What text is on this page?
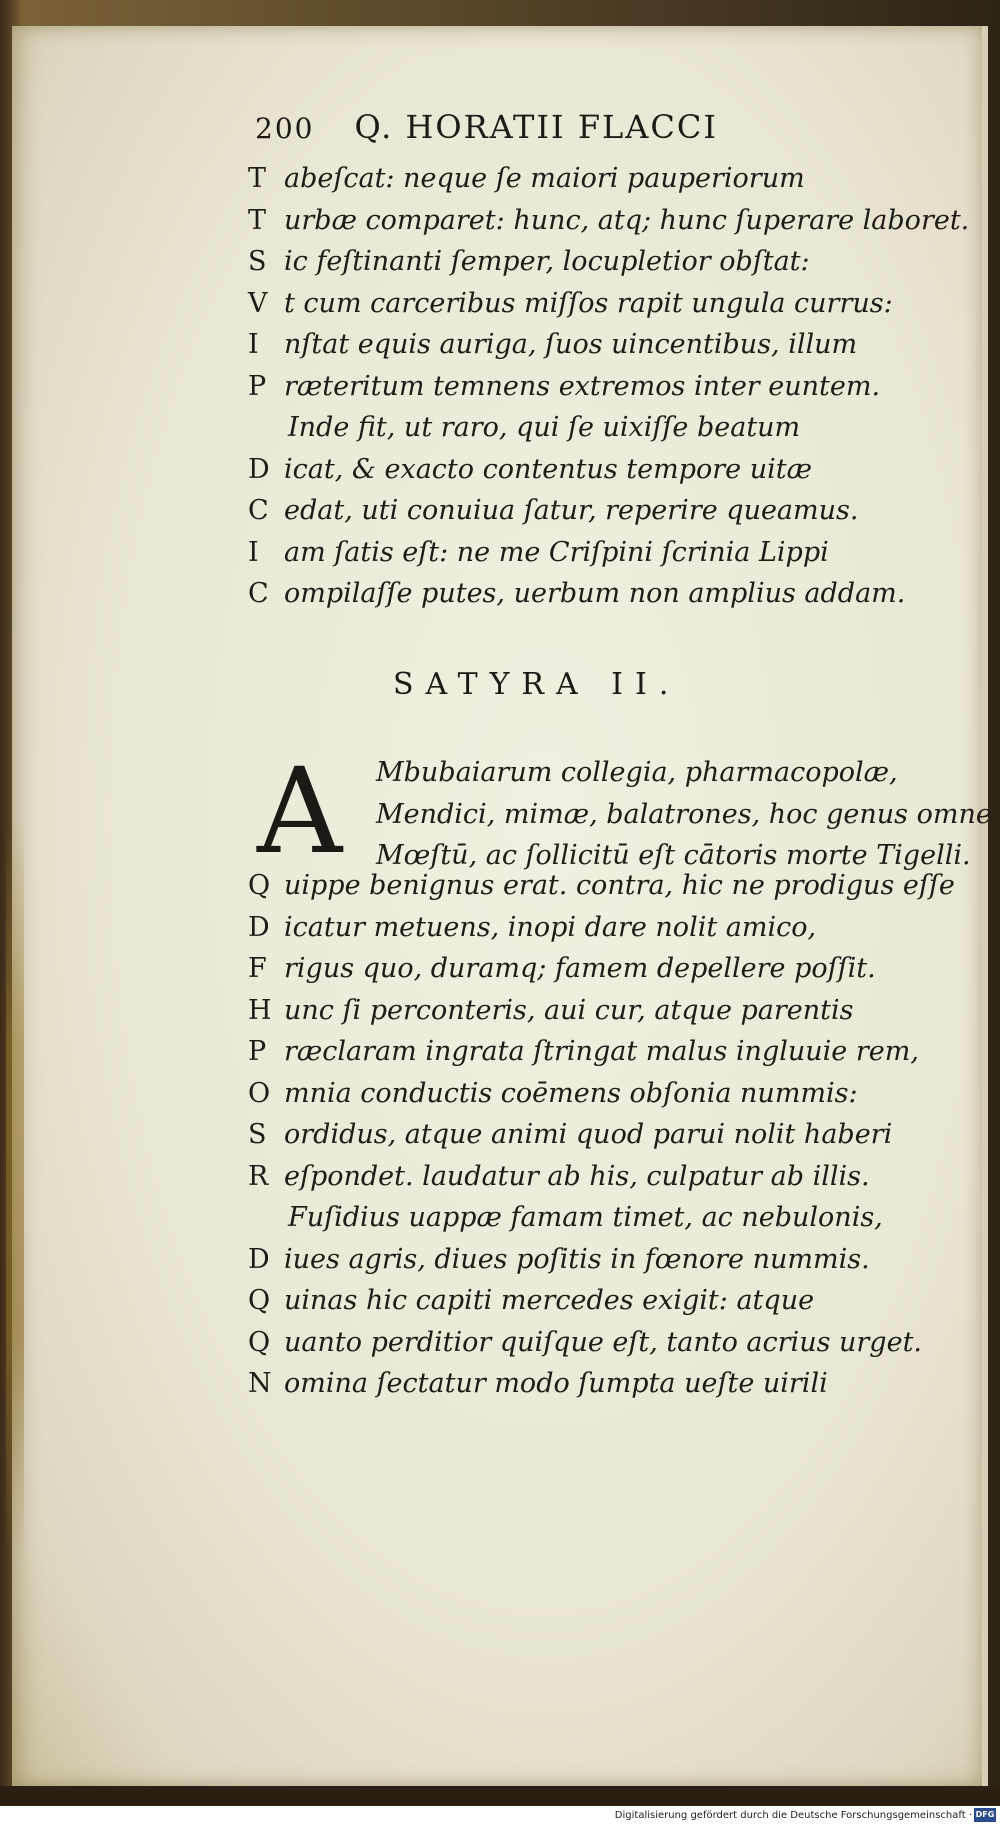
200 Q. HORATII FLACCI
T abeſcat: neque ſe maiori pauperiorum
T urbæ comparet: hunc, atq; hunc ſuperare laboret.
S ic feſtinanti ſemper, locupletior obſtat:
V t cum carceribus miſſos rapit ungula currus:
I nſtat equis auriga, ſuos uincentibus, illum
P ræteritum temnens extremos inter euntem.
Inde fit, ut raro, qui ſe uixiſſe beatum
D icat, & exacto contentus tempore uitæ
C edat, uti conuiua ſatur, reperire queamus.
I am ſatis eſt: ne me Criſpini ſcrinia Lippi
C ompilaſſe putes, uerbum non amplius addam.
SATYRA II.
A Mbubaiarum collegia, pharmacopolæ,
Mendici, mimæ, balatrones, hoc genus omne
Mœſtū, ac ſollicitū eſt cātoris morte Tigelli.
Q uippe benignus erat. contra, hic ne prodigus eſſe
D icatur metuens, inopi dare nolit amico,
F rigus quo, duramq; famem depellere poſſit.
H unc ſi perconteris, aui cur, atque parentis
P ræclaram ingrata ſtringat malus ingluuie rem,
O mnia conductis coēmens obſonia nummis:
S ordidus, atque animi quod parui nolit haberi
R eſpondet. laudatur ab his, culpatur ab illis.
Fuſidius uappæ famam timet, ac nebulonis,
D iues agris, diues poſitis in fœnore nummis.
Q uinas hic capiti mercedes exigit: atque
Q uanto perditior quiſque eſt, tanto acrius urget.
N omina ſectatur modo ſumpta ueſte uirili
Digitalisierung gefördert durch die Deutsche Forschungsgemeinschaft · DFG
